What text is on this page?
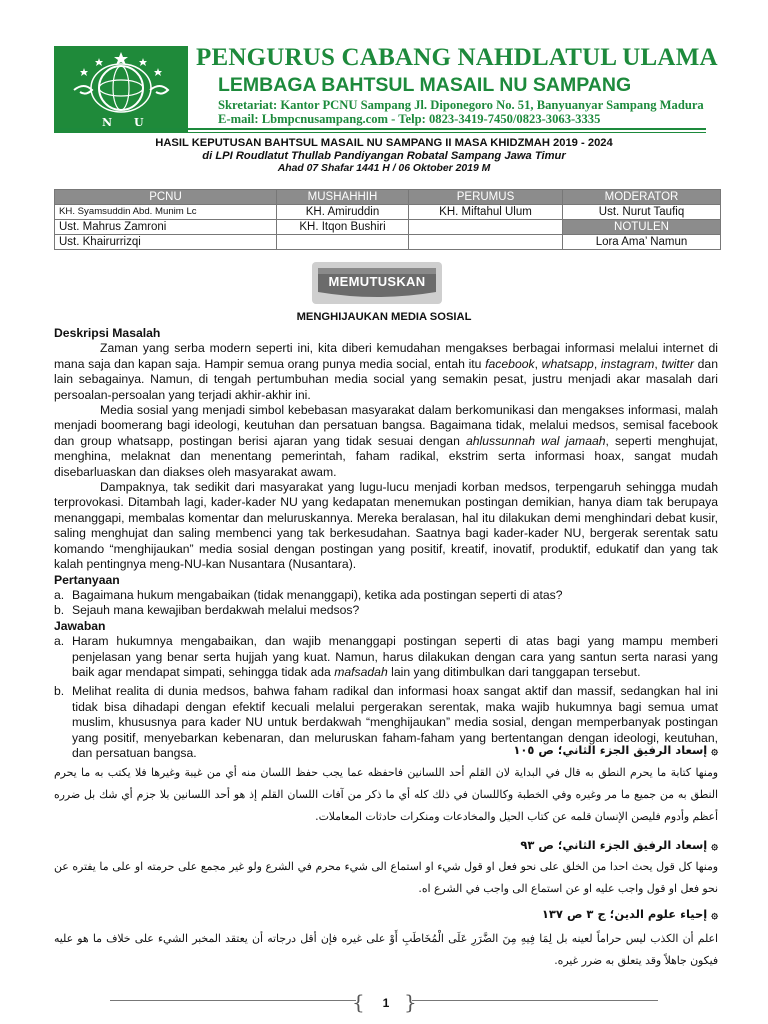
N U
PENGURUS CABANG NAHDLATUL ULAMA
LEMBAGA BAHTSUL MASAIL NU SAMPANG
Skretariat: Kantor PCNU Sampang Jl. Diponegoro No. 51, Banyuanyar Sampang Madura
E-mail: Lbmpcnusampang.com - Telp: 0823-3419-7450/0823-3063-3335
HASIL KEPUTUSAN BAHTSUL MASAIL NU SAMPANG II MASA KHIDZMAH 2019 - 2024
di LPI Roudlatut Thullab Pandiyangan Robatal Sampang Jawa Timur
Ahad 07 Shafar 1441 H / 06 Oktober 2019 M
PCNU	MUSHAHHIH	PERUMUS	MODERATOR
KH. Syamsuddin Abd. Munim Lc	KH. Amiruddin	KH. Miftahul Ulum	Ust. Nurut Taufiq
Ust. Mahrus Zamroni	KH. Itqon Bushiri		NOTULEN
Ust. Khairurrizqi			Lora Ama’ Namun
MEMUTUSKAN
MENGHIJAUKAN MEDIA SOSIAL

Deskripsi Masalah

Zaman yang serba modern seperti ini, kita diberi kemudahan mengakses berbagai informasi melalui internet di mana saja dan kapan saja. Hampir semua orang punya media social, entah itu facebook, whatsapp, instagram, twitter dan lain sebagainya. Namun, di tengah pertumbuhan media social yang semakin pesat, justru menjadi akar masalah dari persoalan-persoalan yang terjadi akhir-akhir ini.

Media sosial yang menjadi simbol kebebasan masyarakat dalam berkomunikasi dan mengakses informasi, malah menjadi boomerang bagi ideologi, keutuhan dan persatuan bangsa. Bagaimana tidak, melalui medsos, semisal facebook dan group whatsapp, postingan berisi ajaran yang tidak sesuai dengan ahlussunnah wal jamaah, seperti menghujat, menghina, melaknat dan menentang pemerintah, faham radikal, ekstrim serta informasi hoax, sangat mudah disebarluaskan dan diakses oleh masyarakat awam.

Dampaknya, tak sedikit dari masyarakat yang lugu-lucu menjadi korban medsos, terpengaruh sehingga mudah terprovokasi. Ditambah lagi, kader-kader NU yang kedapatan menemukan postingan demikian, hanya diam tak berupaya menanggapi, membalas komentar dan meluruskannya. Mereka beralasan, hal itu dilakukan demi menghindari debat kusir, saling menghujat dan saling membenci yang tak berkesudahan. Saatnya bagi kader-kader NU, bergerak serentak satu komando “menghijaukan” media sosial dengan postingan yang positif, kreatif, inovatif, produktif, edukatif dan yang tak kalah pentingnya meng-NU-kan Nusantara (Nusantara).

Pertanyaan

a. Bagaimana hukum mengabaikan (tidak menanggapi), ketika ada postingan seperti di atas?

b. Sejauh mana kewajiban berdakwah melalui medsos?

Jawaban

a. Haram hukumnya mengabaikan, dan wajib menanggapi postingan seperti di atas bagi yang mampu memberi penjelasan yang benar serta hujjah yang kuat. Namun, harus dilakukan dengan cara yang santun serta narasi yang baik agar mendapat simpati, sehingga tidak ada mafsadah lain yang ditimbulkan dari tanggapan tersebut.

b. Melihat realita di dunia medsos, bahwa faham radikal dan informasi hoax sangat aktif dan massif, sedangkan hal ini tidak bisa dihadapi dengan efektif kecuali melalui pergerakan serentak, maka wajib hukumnya bagi semua umat muslim, khususnya para kader NU untuk berdakwah “menghijaukan” media sosial, dengan memperbanyak postingan yang positif, menyebarkan kebenaran, dan meluruskan faham-faham yang bertentangan dengan ideologi, keutuhan, dan persatuan bangsa.	۞ إسعاد الرفيق الجزء الثاني؛ ص ١٠٥
ومنها كتابة ما يحرم النطق به قال في البداية لان القلم أحد اللسانين فاحفظه عما يجب حفظ اللسان منه أي من غيبة وغيرها فلا يكتب به ما يحرم النطق به من جميع ما مر وغيره وفي الخطبة وكاللسان في ذلك كله أي ما ذكر من آفات اللسان القلم إذ هو أحد اللسانين بلا جزم أي شك بل ضرره أعظم وأدوم فليصن الإنسان قلمه عن كتاب الحيل والمخادعات ومنكرات حادثات المعاملات.
۞ إسعاد الرفيق الجزء الثاني؛ ص ٩٣
ومنها كل قول يحث احدا من الخلق على نحو فعل او قول شيء او استماع الى شيء محرم في الشرع ولو غير مجمع على حرمته او على ما يفتره عن نحو فعل او قول واجب عليه او عن استماع الى واجب في الشرع اه.
۞ إحياء علوم الدين؛ ج ٣ ص ١٣٧
اعلم أن الكذب ليس حراماً لعينه بل لِمَا فِيهِ مِنَ الضَّرَرِ عَلَى الْمُخَاطَبِ أَوْ على غيره فإن أقل درجاته أن يعتقد المخبر الشيء على خلاف ما هو عليه فيكون جاهلاً وقد يتعلق به ضرر غيره.
{ }
1
